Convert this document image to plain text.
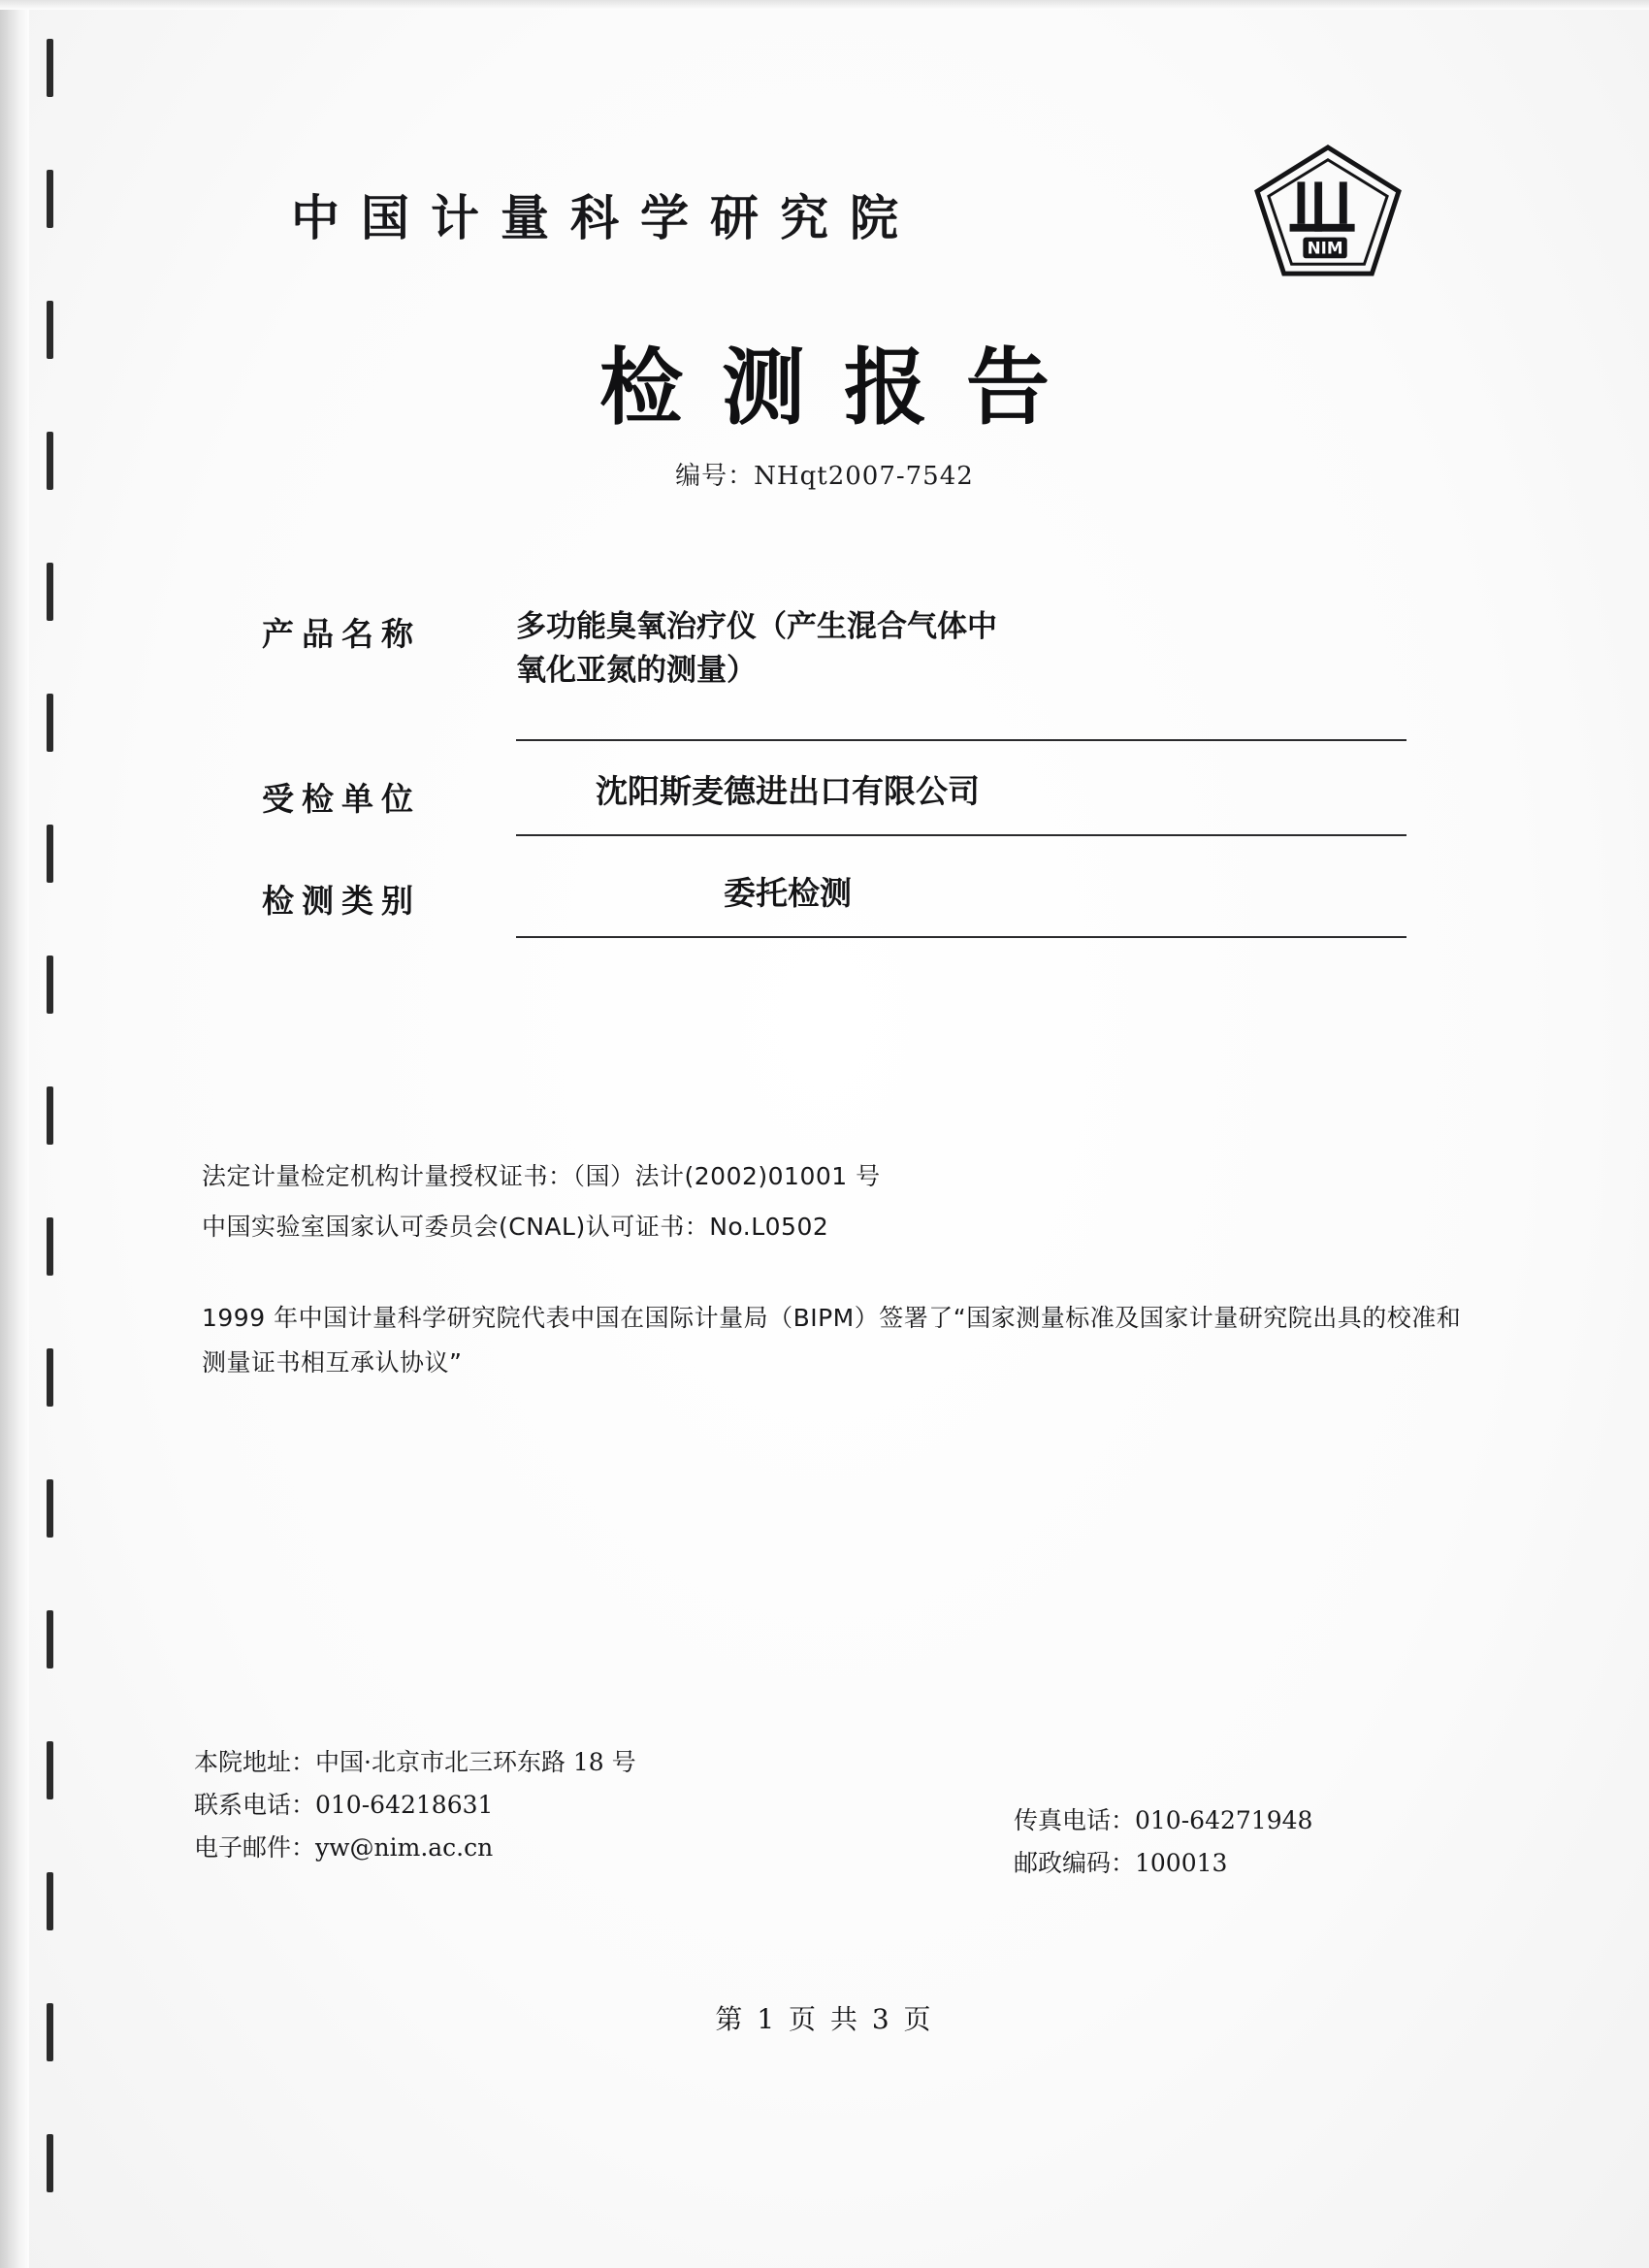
中国计量科学研究院
NIM
检测报告
编号：NHqt2007-7542
产品名称	多功能臭氧治疗仪（产生混合气体中
氧化亚氮的测量）
受检单位	沈阳斯麦德进出口有限公司
检测类别	委托检测
法定计量检定机构计量授权证书：（国）法计(2002)01001 号
中国实验室国家认可委员会(CNAL)认可证书：No.L0502
1999 年中国计量科学研究院代表中国在国际计量局（BIPM）签署了“国家测量标准及国家计量研究院出具的校准和测量证书相互承认协议”
本院地址：中国·北京市北三环东路 18 号
联系电话：010-64218631
电子邮件：yw@nim.ac.cn
传真电话：010-64271948
邮政编码：100013
第 1 页 共 3 页
